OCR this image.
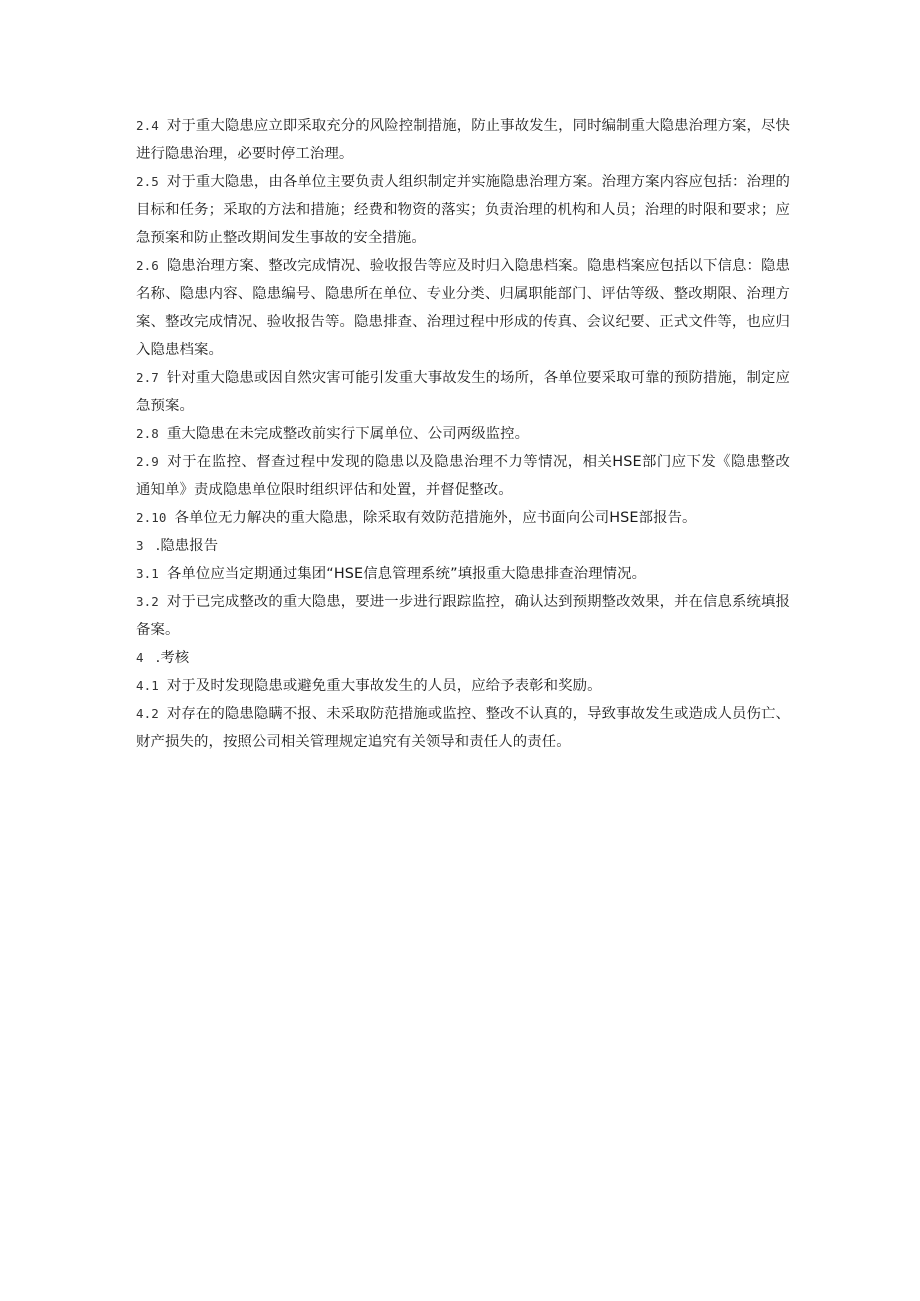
2.4 对于重大隐患应立即采取充分的风险控制措施，防止事故发生，同时编制重大隐患治理方案，尽快进行隐患治理，必要时停工治理。

2.5 对于重大隐患，由各单位主要负责人组织制定并实施隐患治理方案。治理方案内容应包括：治理的目标和任务；采取的方法和措施；经费和物资的落实；负责治理的机构和人员；治理的时限和要求；应急预案和防止整改期间发生事故的安全措施。

2.6 隐患治理方案、整改完成情况、验收报告等应及时归入隐患档案。隐患档案应包括以下信息：隐患名称、隐患内容、隐患编号、隐患所在单位、专业分类、归属职能部门、评估等级、整改期限、治理方案、整改完成情况、验收报告等。隐患排查、治理过程中形成的传真、会议纪要、正式文件等，也应归入隐患档案。

2.7 针对重大隐患或因自然灾害可能引发重大事故发生的场所，各单位要采取可靠的预防措施，制定应急预案。

2.8 重大隐患在未完成整改前实行下属单位、公司两级监控。

2.9 对于在监控、督查过程中发现的隐患以及隐患治理不力等情况，相关HSE部门应下发《隐患整改通知单》责成隐患单位限时组织评估和处置，并督促整改。

2.10 各单位无力解决的重大隐患，除采取有效防范措施外，应书面向公司HSE部报告。

3 .隐患报告

3.1 各单位应当定期通过集团“HSE信息管理系统”填报重大隐患排查治理情况。

3.2 对于已完成整改的重大隐患，要进一步进行跟踪监控，确认达到预期整改效果，并在信息系统填报备案。

4 .考核

4.1 对于及时发现隐患或避免重大事故发生的人员，应给予表彰和奖励。

4.2 对存在的隐患隐瞒不报、未采取防范措施或监控、整改不认真的，导致事故发生或造成人员伤亡、财产损失的，按照公司相关管理规定追究有关领导和责任人的责任。
